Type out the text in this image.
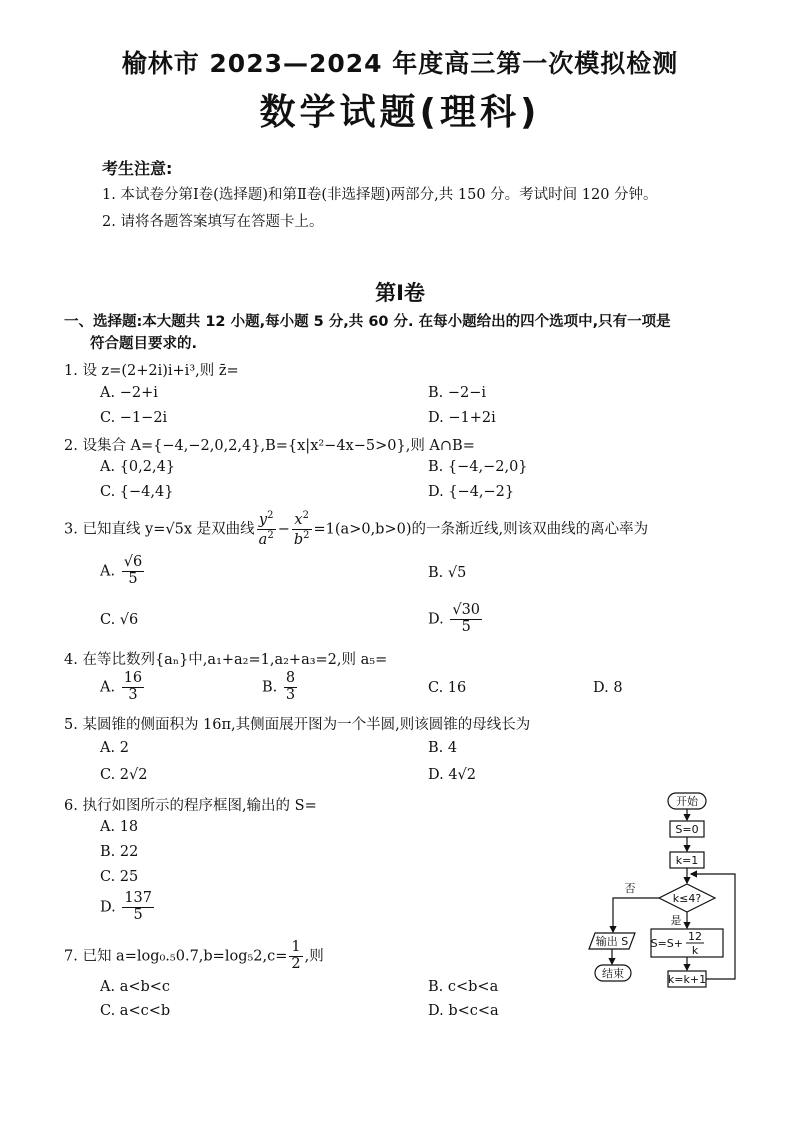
榆林市 2023—2024 年度高三第一次模拟检测
数学试题(理科)
考生注意:
1. 本试卷分第Ⅰ卷(选择题)和第Ⅱ卷(非选择题)两部分,共 150 分。考试时间 120 分钟。
2. 请将各题答案填写在答题卡上。
第Ⅰ卷
一、选择题:本大题共 12 小题,每小题 5 分,共 60 分. 在每小题给出的四个选项中,只有一项是
符合题目要求的.
1. 设 z=(2+2i)i+i³,则 z̄=
A. −2+i	B. −2−i
C. −1−2i	D. −1+2i
2. 设集合 A={−4,−2,0,2,4},B={x|x²−4x−5>0},则 A∩B=
A. {0,2,4}	B. {−4,−2,0}
C. {−4,4}	D. {−4,−2}
3. 已知直线 y=√5x 是双曲线 $\frac{y^2}{a^2} - \frac{x^2}{b^2} =1(a>0,b>0)$的一条渐近线,则该双曲线的离心率为
A. $\frac{√6}{5}$	B. √5
C. √6	D. $\frac{√30}{5}$
4. 在等比数列{aₙ}中,a₁+a₂=1,a₂+a₃=2,则 a₅=
A. $\frac{16}{3}$	B. $\frac{8}{3}$	C. 16	D. 8
5. 某圆锥的侧面积为 16π,其侧面展开图为一个半圆,则该圆锥的母线长为
A. 2	B. 4
C. 2√2	D. 4√2
6. 执行如图所示的程序框图,输出的 S=
A. 18
B. 22
C. 25
D. $\frac{137}{5}$
7. 已知 $a=\log_0._50.7,b=\log_52,c= \frac{1}{2}$ ,则
A. a<b<c	B. c<b<a
C. a<c<b	D. b<c<a
开始
S=0
k=1
k≤4?
否
是
S=S+
12
k
输出 S
结束	k=k+1
